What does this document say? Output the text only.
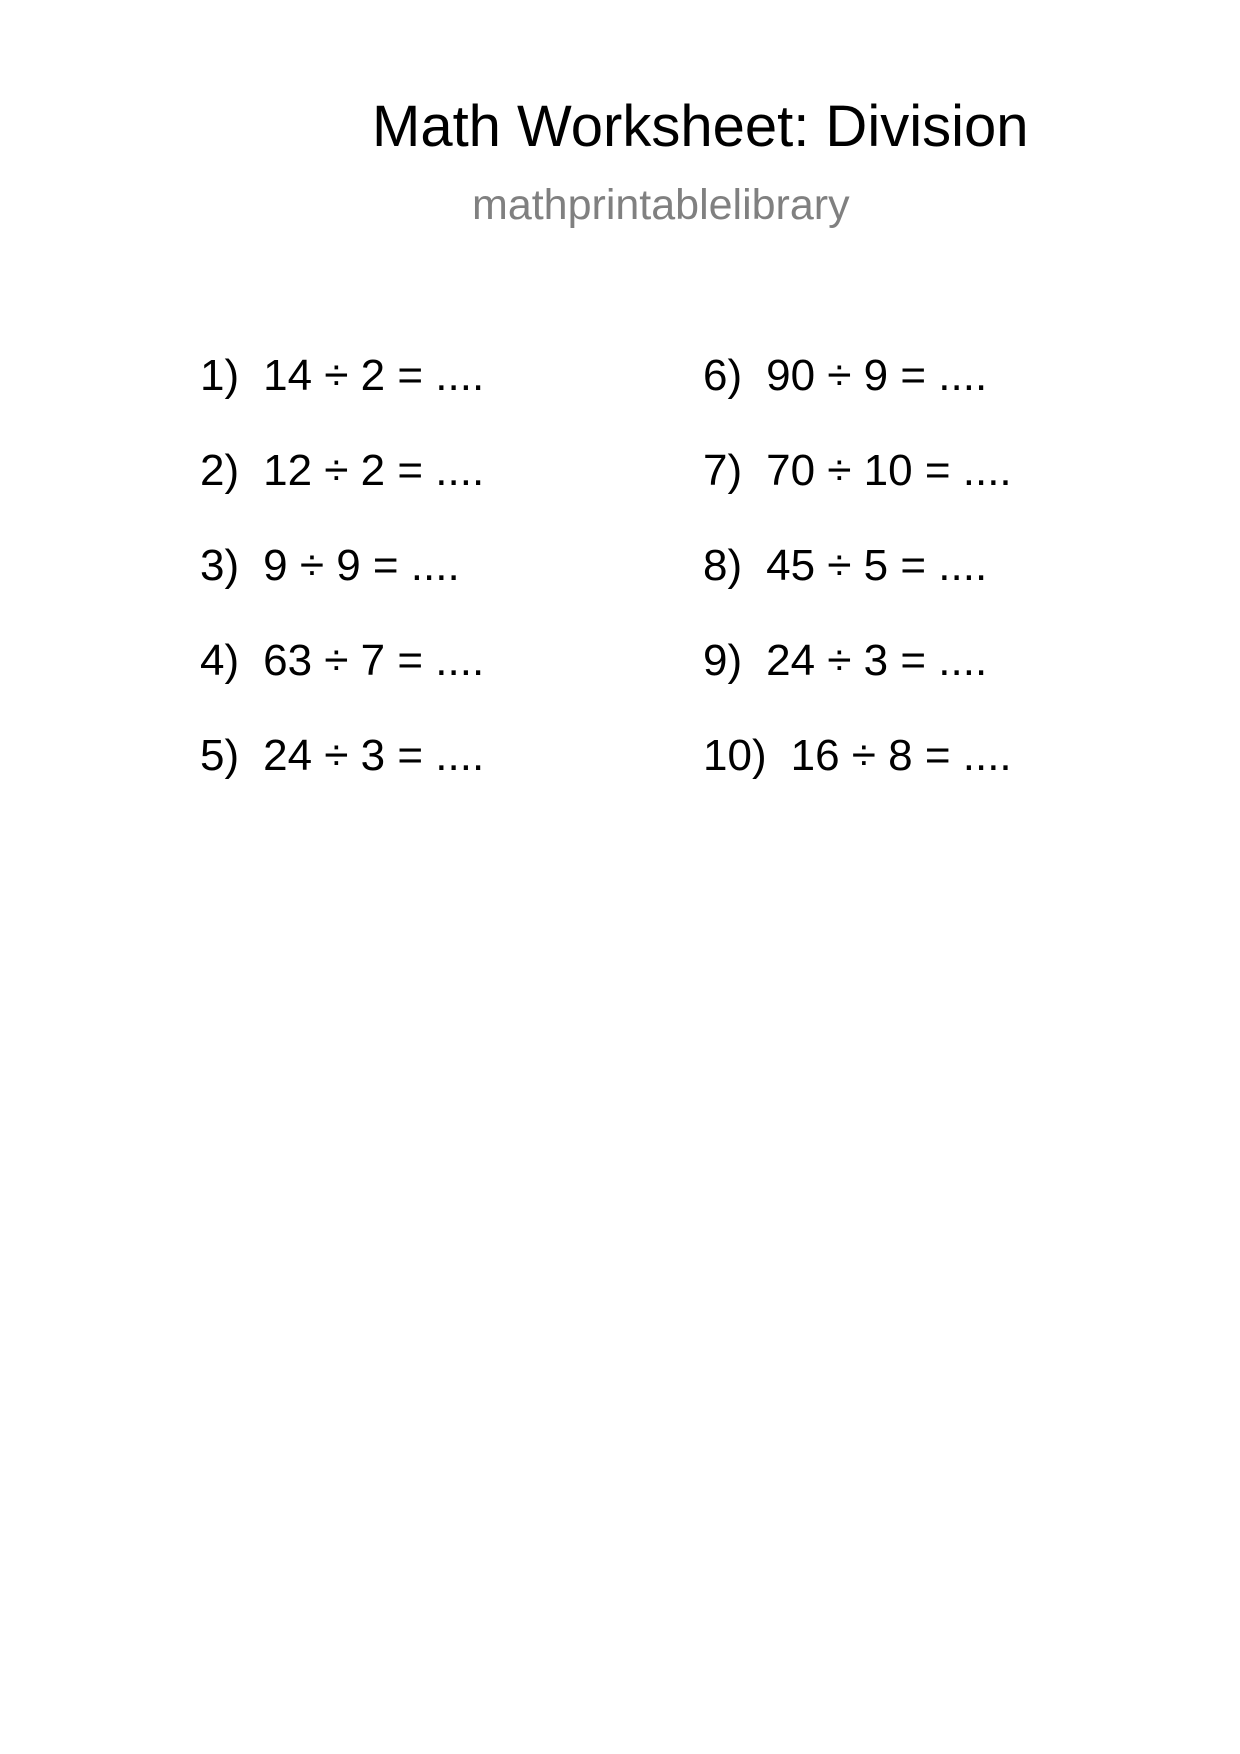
Math Worksheet: Division
mathprintablelibrary
1) 14 ÷ 2 = ....
2) 12 ÷ 2 = ....
3) 9 ÷ 9 = ....
4) 63 ÷ 7 = ....
5) 24 ÷ 3 = ....
6) 90 ÷ 9 = ....
7) 70 ÷ 10 = ....
8) 45 ÷ 5 = ....
9) 24 ÷ 3 = ....
10) 16 ÷ 8 = ....
